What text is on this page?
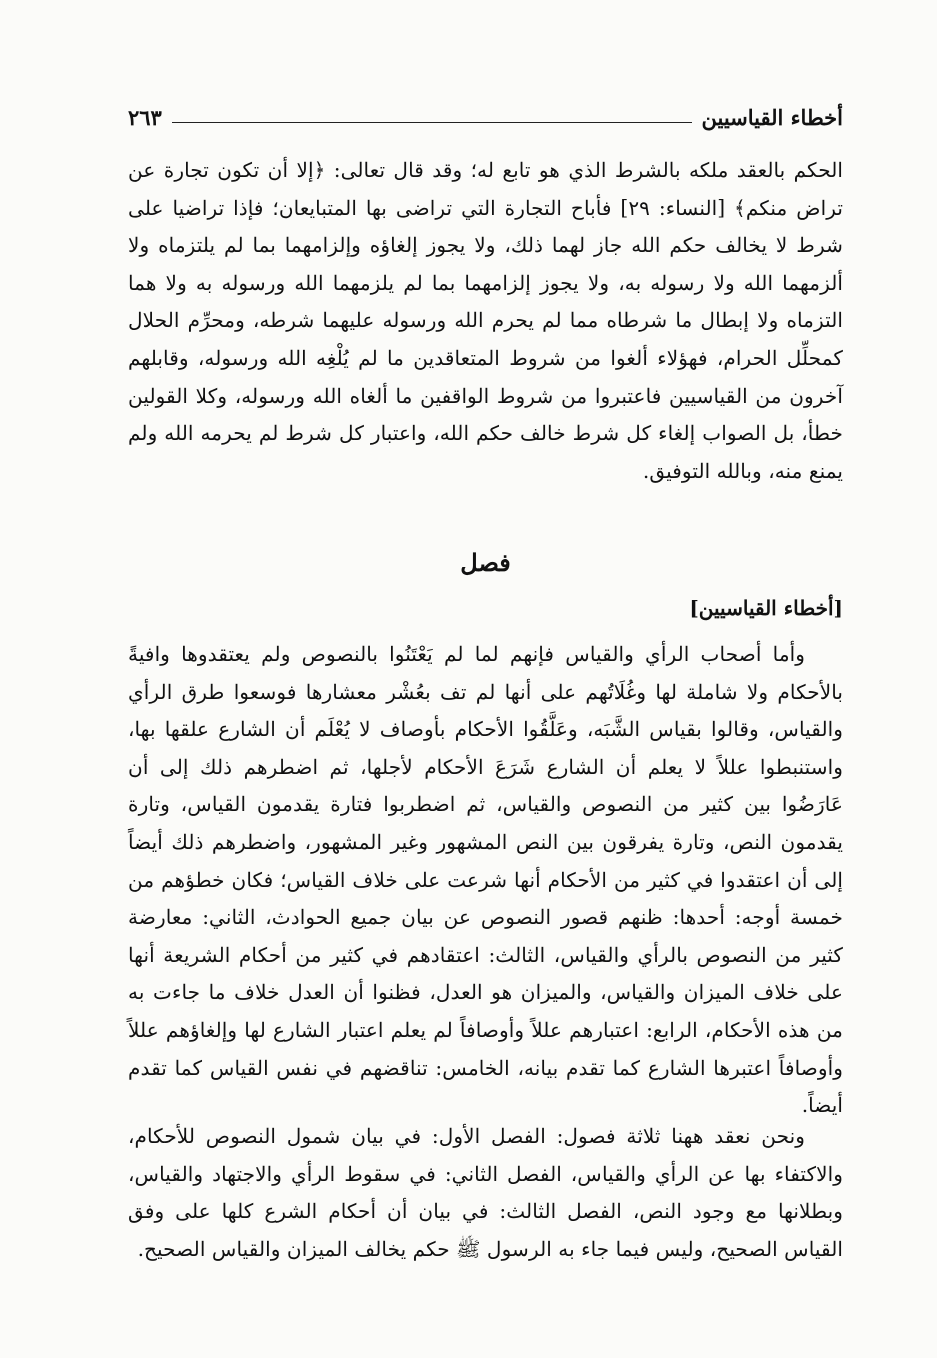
أخطاء القياسيين
٢٦٣

الحكم بالعقد ملكه بالشرط الذي هو تابع له؛ وقد قال تعالى: ﴿إلا أن تكون تجارة عن تراض منكم﴾ [النساء: ٢٩] فأباح التجارة التي تراضى بها المتبايعان؛ فإذا تراضيا على شرط لا يخالف حكم الله جاز لهما ذلك، ولا يجوز إلغاؤه وإلزامهما بما لم يلتزماه ولا ألزمهما الله ولا رسوله به، ولا يجوز إلزامهما بما لم يلزمهما الله ورسوله به ولا هما التزماه ولا إبطال ما شرطاه مما لم يحرم الله ورسوله عليهما شرطه، ومحرِّم الحلال كمحلِّل الحرام، فهؤلاء ألغوا من شروط المتعاقدين ما لم يُلْغِه الله ورسوله، وقابلهم آخرون من القياسيين فاعتبروا من شروط الواقفين ما ألغاه الله ورسوله، وكلا القولين خطأ، بل الصواب إلغاء كل شرط خالف حكم الله، واعتبار كل شرط لم يحرمه الله ولم يمنع منه، وبالله التوفيق.

فصل
[أخطاء القياسيين]

وأما أصحاب الرأي والقياس فإنهم لما لم يَعْتَنُوا بالنصوص ولم يعتقدوها وافيةً بالأحكام ولا شاملة لها وغُلَاتُهم على أنها لم تف بعُشْر معشارها فوسعوا طرق الرأي والقياس، وقالوا بقياس الشَّبَه، وعَلَّقُوا الأحكام بأوصاف لا يُعْلَم أن الشارع علقها بها، واستنبطوا عللاً لا يعلم أن الشارع شَرَعَ الأحكام لأجلها، ثم اضطرهم ذلك إلى أن عَارَضُوا بين كثير من النصوص والقياس، ثم اضطربوا فتارة يقدمون القياس، وتارة يقدمون النص، وتارة يفرقون بين النص المشهور وغير المشهور، واضطرهم ذلك أيضاً إلى أن اعتقدوا في كثير من الأحكام أنها شرعت على خلاف القياس؛ فكان خطؤهم من خمسة أوجه: أحدها: ظنهم قصور النصوص عن بيان جميع الحوادث، الثاني: معارضة كثير من النصوص بالرأي والقياس، الثالث: اعتقادهم في كثير من أحكام الشريعة أنها على خلاف الميزان والقياس، والميزان هو العدل، فظنوا أن العدل خلاف ما جاءت به من هذه الأحكام، الرابع: اعتبارهم عللاً وأوصافاً لم يعلم اعتبار الشارع لها وإلغاؤهم عللاً وأوصافاً اعتبرها الشارع كما تقدم بيانه، الخامس: تناقضهم في نفس القياس كما تقدم أيضاً.

ونحن نعقد ههنا ثلاثة فصول: الفصل الأول: في بيان شمول النصوص للأحكام، والاكتفاء بها عن الرأي والقياس، الفصل الثاني: في سقوط الرأي والاجتهاد والقياس، وبطلانها مع وجود النص، الفصل الثالث: في بيان أن أحكام الشرع كلها على وفق القياس الصحيح، وليس فيما جاء به الرسول ﷺ حكم يخالف الميزان والقياس الصحيح.
